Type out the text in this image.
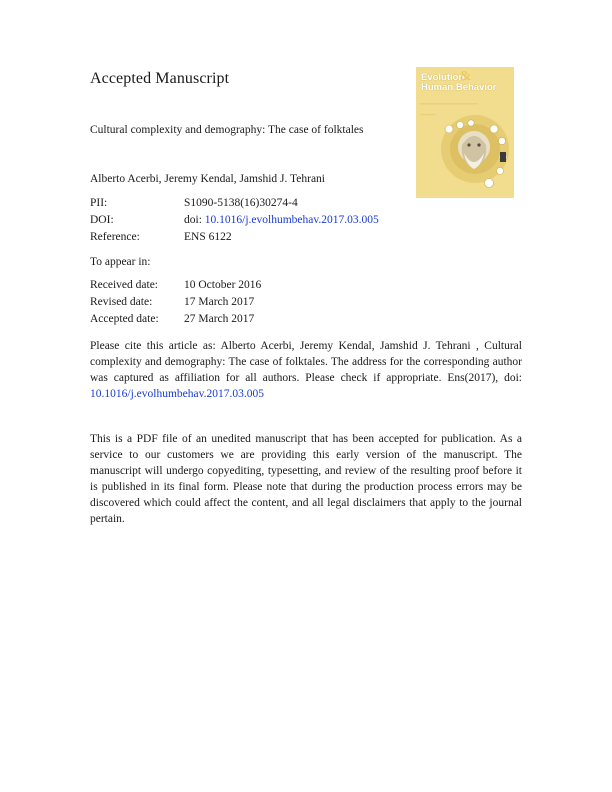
Accepted Manuscript
Cultural complexity and demography: The case of folktales
Alberto Acerbi, Jeremy Kendal, Jamshid J. Tehrani
PII:	S1090-5138(16)30274-4
DOI:	doi: 10.1016/j.evolhumbehav.2017.03.005
Reference:	ENS 6122
To appear in:
Received date: 10 October 2016
Revised date:	17 March 2017
Accepted date: 27 March 2017
Please cite this article as: Alberto Acerbi, Jeremy Kendal, Jamshid J. Tehrani , Cultural complexity and demography: The case of folktales. The address for the corresponding author was captured as affiliation for all authors. Please check if appropriate. Ens(2017), doi: 10.1016/j.evolhumbehav.2017.03.005
This is a PDF file of an unedited manuscript that has been accepted for publication. As a service to our customers we are providing this early version of the manuscript. The manuscript will undergo copyediting, typesetting, and review of the resulting proof before it is published in its final form. Please note that during the production process errors may be discovered which could affect the content, and all legal disclaimers that apply to the journal pertain.
Evolution
&
Human Behavior
